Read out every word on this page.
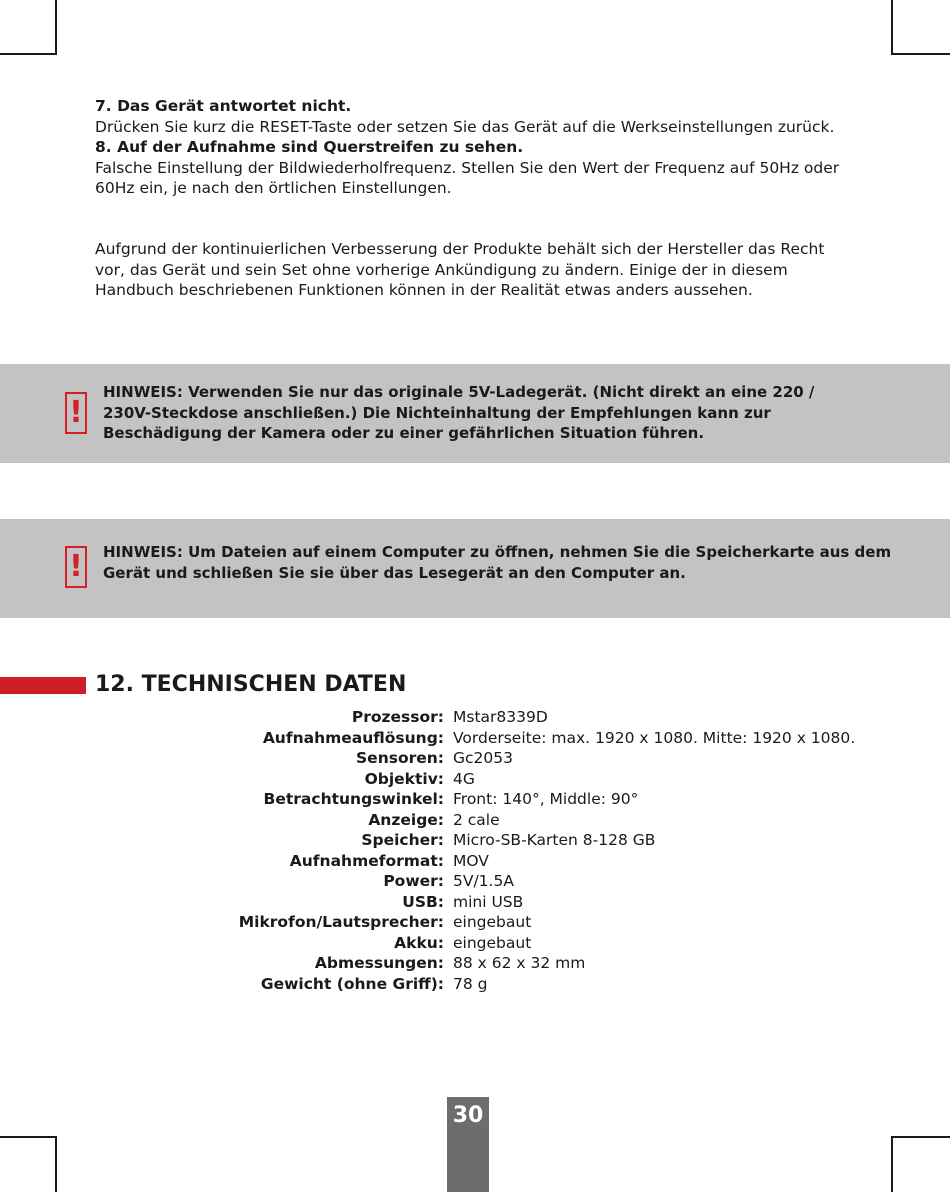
7. Das Gerät antwortet nicht.

Drücken Sie kurz die RESET-Taste oder setzen Sie das Gerät auf die Werkseinstellungen zurück.

8. Auf der Aufnahme sind Querstreifen zu sehen.

Falsche Einstellung der Bildwiederholfrequenz. Stellen Sie den Wert der Frequenz auf 50Hz oder 60Hz ein, je nach den örtlichen Einstellungen.

Aufgrund der kontinuierlichen Verbesserung der Produkte behält sich der Hersteller das Recht vor, das Gerät und sein Set ohne vorherige Ankündigung zu ändern. Einige der in diesem Handbuch beschriebenen Funktionen können in der Realität etwas anders aussehen.

!
HINWEIS: Verwenden Sie nur das originale 5V-Ladegerät. (Nicht direkt an eine 220 / 230V-Steckdose anschließen.) Die Nichteinhaltung der Empfehlungen kann zur Beschädigung der Kamera oder zu einer gefährlichen Situation führen.
! HINWEIS: Um Dateien auf einem Computer zu öffnen, nehmen Sie die Speicherkarte aus dem Gerät und schließen Sie sie über das Lesegerät an den Computer an.
12. TECHNISCHEN DATEN
Prozessor: Mstar8339D
Aufnahmeauflösung: Vorderseite: max. 1920 x 1080. Mitte: 1920 x 1080.
Sensoren: Gc2053
Objektiv: 4G
Betrachtungswinkel: Front: 140°, Middle: 90°
Anzeige: 2 cale
Speicher: Micro-SB-Karten 8-128 GB
Aufnahmeformat: MOV
Power: 5V/1.5A
USB: mini USB
Mikrofon/Lautsprecher: eingebaut
Akku: eingebaut
Abmessungen: 88 x 62 x 32 mm
Gewicht (ohne Griff): 78 g
30
